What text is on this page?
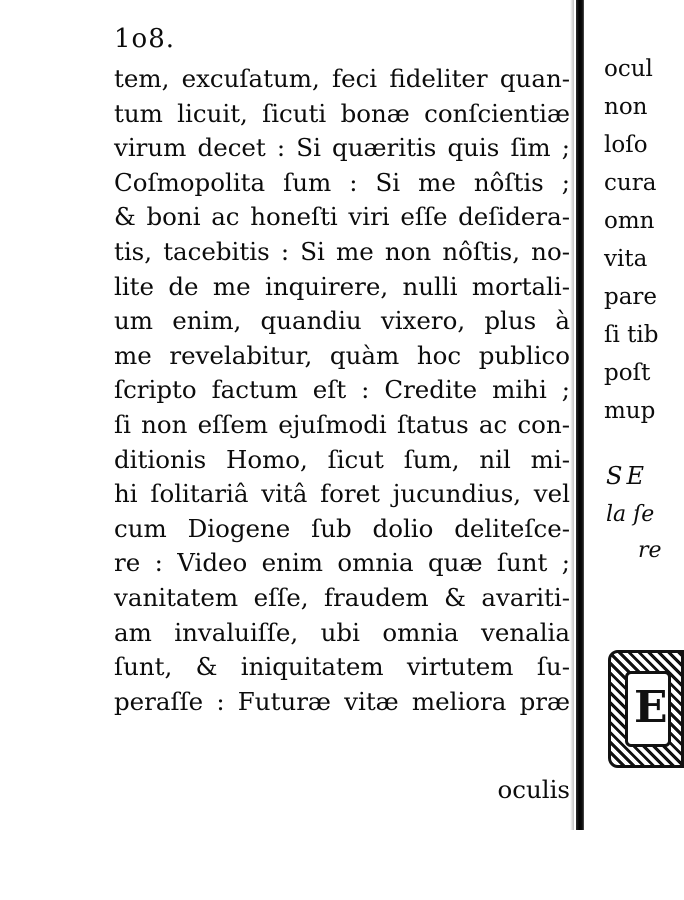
1o8.
tem, excuſatum, feci fideliter quan-
tum licuit, ſicuti bonæ conſcientiæ
virum decet : Si quæritis quis ſim ;
Coſmopolita ſum : Si me nôſtis ;
& boni ac honeſti viri eſſe deſidera-
tis, tacebitis : Si me non nôſtis, no-
lite de me inquirere, nulli mortali-
um enim, quandiu vixero, plus à
me revelabitur, quàm hoc publico
ſcripto factum eſt : Credite mihi ;
ſi non eſſem ejuſmodi ſtatus ac con-
ditionis Homo, ſicut ſum, nil mi-
hi ſolitariâ vitâ foret jucundius, vel
cum Diogene ſub dolio deliteſce-
re : Video enim omnia quæ ſunt ;
vanitatem eſſe, fraudem & avariti-
am invaluiſſe, ubi omnia venalia
ſunt, & iniquitatem virtutem ſu-
peraſſe : Futuræ vitæ meliora præ
oculis
ocul
non
loſo
cura
omn
vita
pare
ſi tib
poſt
mup
SE
la ſe
re
E
